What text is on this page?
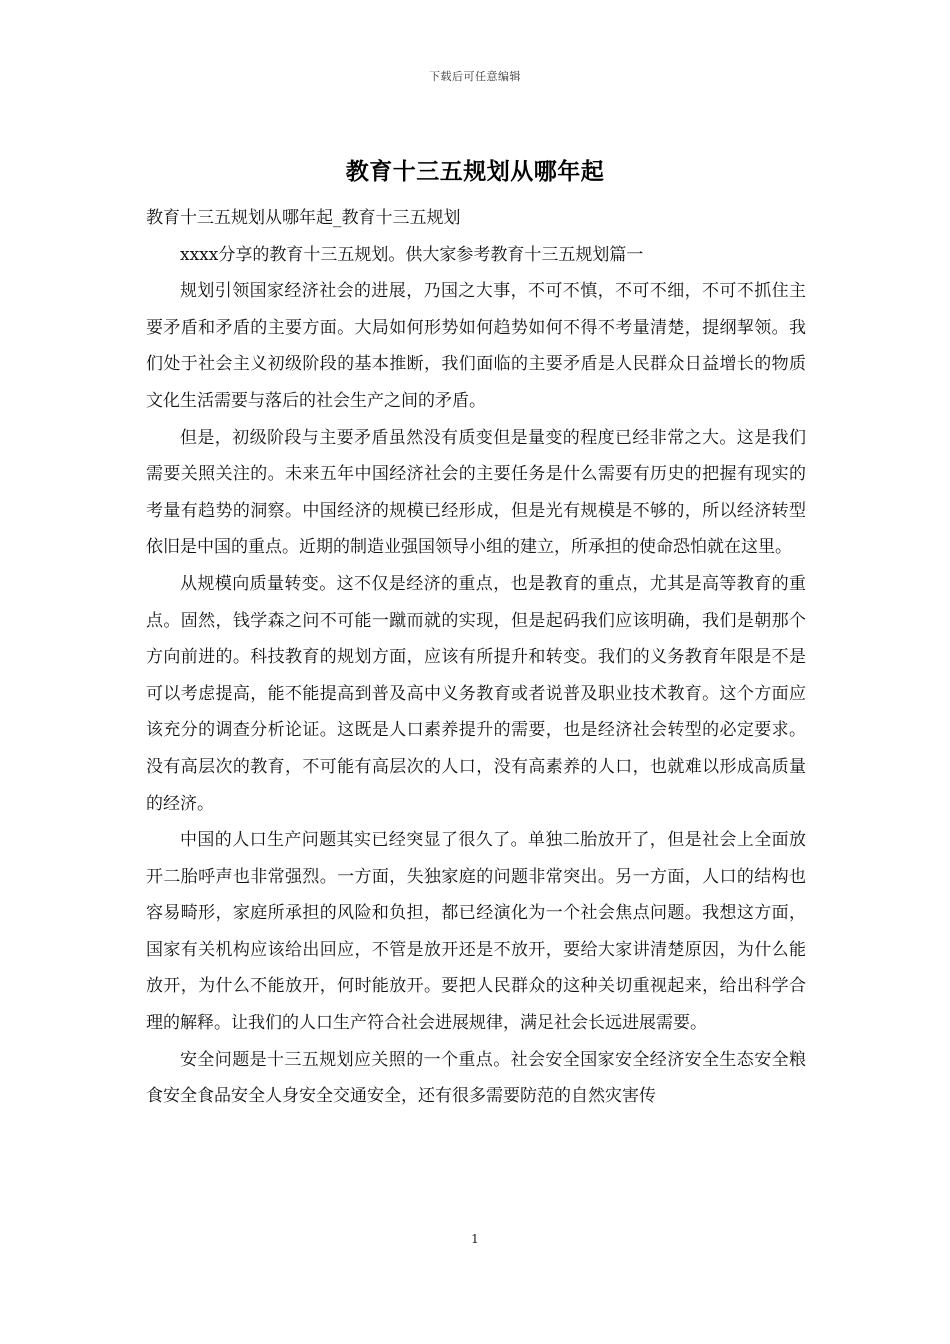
下载后可任意编辑
教育十三五规划从哪年起

教育十三五规划从哪年起_教育十三五规划

xxxx分享的教育十三五规划。供大家参考教育十三五规划篇一

规划引领国家经济社会的进展，乃国之大事，不可不慎，不可不细，不可不抓住主要矛盾和矛盾的主要方面。大局如何形势如何趋势如何不得不考量清楚，提纲挈领。我们处于社会主义初级阶段的基本推断，我们面临的主要矛盾是人民群众日益增长的物质文化生活需要与落后的社会生产之间的矛盾。

但是，初级阶段与主要矛盾虽然没有质变但是量变的程度已经非常之大。这是我们需要关照关注的。未来五年中国经济社会的主要任务是什么需要有历史的把握有现实的考量有趋势的洞察。中国经济的规模已经形成，但是光有规模是不够的，所以经济转型依旧是中国的重点。近期的制造业强国领导小组的建立，所承担的使命恐怕就在这里。

从规模向质量转变。这不仅是经济的重点，也是教育的重点，尤其是高等教育的重点。固然，钱学森之问不可能一蹴而就的实现，但是起码我们应该明确，我们是朝那个方向前进的。科技教育的规划方面，应该有所提升和转变。我们的义务教育年限是不是可以考虑提高，能不能提高到普及高中义务教育或者说普及职业技术教育。这个方面应该充分的调查分析论证。这既是人口素养提升的需要，也是经济社会转型的必定要求。没有高层次的教育，不可能有高层次的人口，没有高素养的人口，也就难以形成高质量的经济。

中国的人口生产问题其实已经突显了很久了。单独二胎放开了，但是社会上全面放开二胎呼声也非常强烈。一方面，失独家庭的问题非常突出。另一方面，人口的结构也容易畸形，家庭所承担的风险和负担，都已经演化为一个社会焦点问题。我想这方面，国家有关机构应该给出回应，不管是放开还是不放开，要给大家讲清楚原因，为什么能放开，为什么不能放开，何时能放开。要把人民群众的这种关切重视起来，给出科学合理的解释。让我们的人口生产符合社会进展规律，满足社会长远进展需要。

安全问题是十三五规划应关照的一个重点。社会安全国家安全经济安全生态安全粮食安全食品安全人身安全交通安全，还有很多需要防范的自然灾害传

1
